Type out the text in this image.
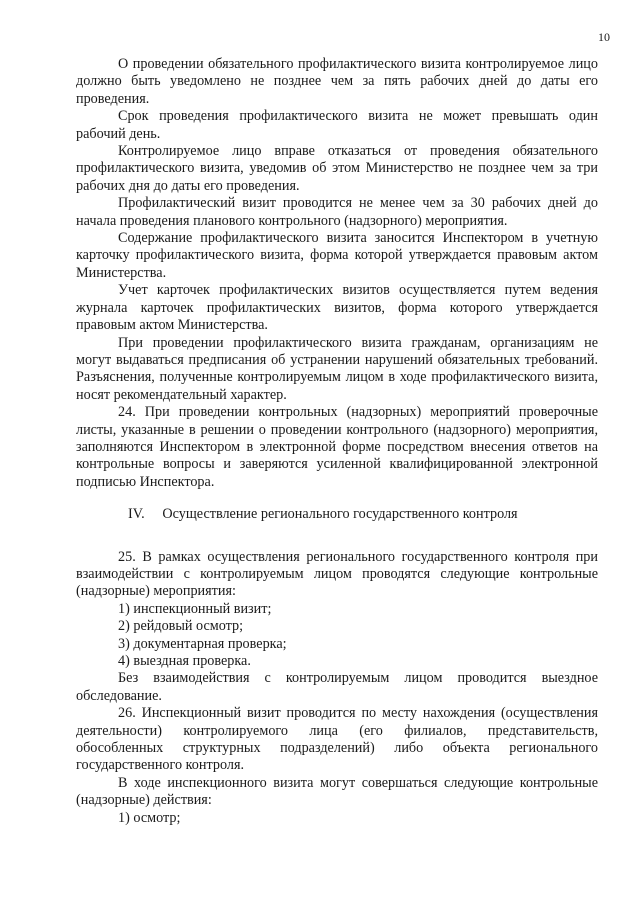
10

О проведении обязательного профилактического визита контролируемое лицо должно быть уведомлено не позднее чем за пять рабочих дней до даты его проведения.

Срок проведения профилактического визита не может превышать один рабочий день.

Контролируемое лицо вправе отказаться от проведения обязательного профилактического визита, уведомив об этом Министерство не позднее чем за три рабочих дня до даты его проведения.

Профилактический визит проводится не менее чем за 30 рабочих дней до начала проведения планового контрольного (надзорного) мероприятия.

Содержание профилактического визита заносится Инспектором в учетную карточку профилактического визита, форма которой утверждается правовым актом Министерства.

Учет карточек профилактических визитов осуществляется путем ведения журнала карточек профилактических визитов, форма которого утверждается правовым актом Министерства.

При проведении профилактического визита гражданам, организациям не могут выдаваться предписания об устранении нарушений обязательных требований. Разъяснения, полученные контролируемым лицом в ходе профилактического визита, носят рекомендательный характер.

24. При проведении контрольных (надзорных) мероприятий проверочные листы, указанные в решении о проведении контрольного (надзорного) мероприятия, заполняются Инспектором в электронной форме посредством внесения ответов на контрольные вопросы и заверяются усиленной квалифицированной электронной подписью Инспектора.

IV. Осуществление регионального государственного контроля

25. В рамках осуществления регионального государственного контроля при взаимодействии с контролируемым лицом проводятся следующие контрольные (надзорные) мероприятия:

1) инспекционный визит;

2) рейдовый осмотр;

3) документарная проверка;

4) выездная проверка.

Без взаимодействия с контролируемым лицом проводится выездное обследование.

26. Инспекционный визит проводится по месту нахождения (осуществления деятельности) контролируемого лица (его филиалов, представительств, обособленных структурных подразделений) либо объекта регионального государственного контроля.

В ходе инспекционного визита могут совершаться следующие контрольные (надзорные) действия:

1) осмотр;
